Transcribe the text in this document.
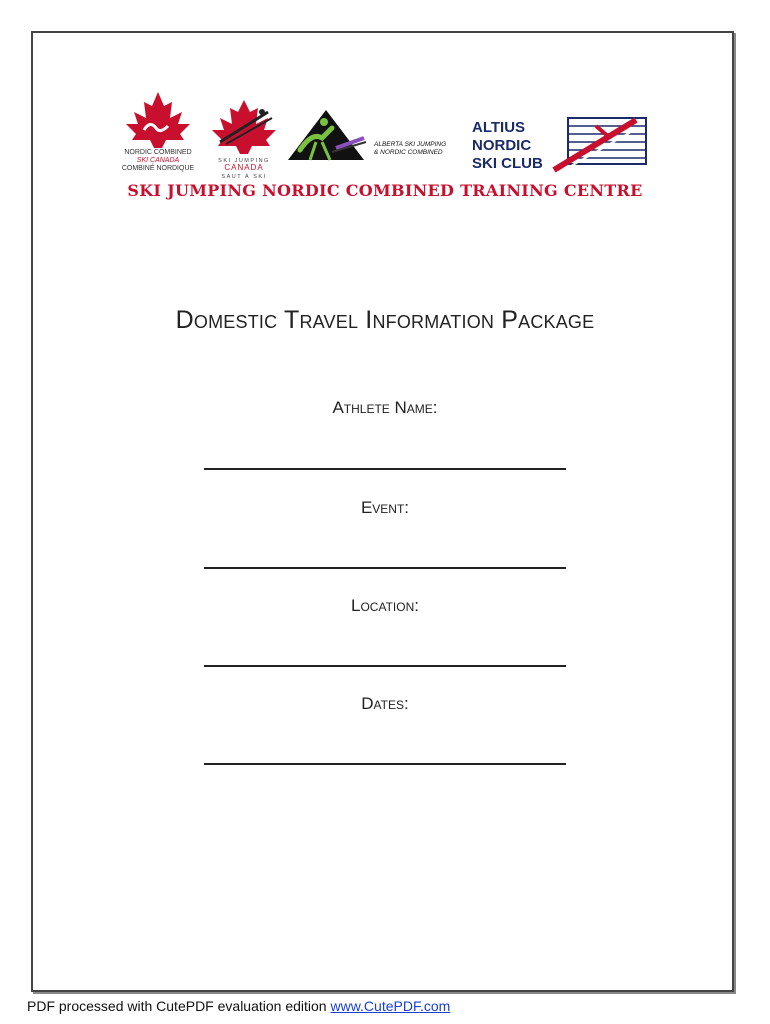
NORDIC COMBINED
SKI CANADA
COMBINÉ NORDIQUE
SKI JUMPING
CANADA
SAUT À SKI
ALBERTA SKI JUMPING
& NORDIC COMBINED
ALTIUS
NORDIC
SKI CLUB
SKI JUMPING NORDIC COMBINED TRAINING CENTRE
Domestic Travel Information Package
Athlete Name:
Event:
Location:
Dates:
PDF processed with CutePDF evaluation edition www.CutePDF.com
